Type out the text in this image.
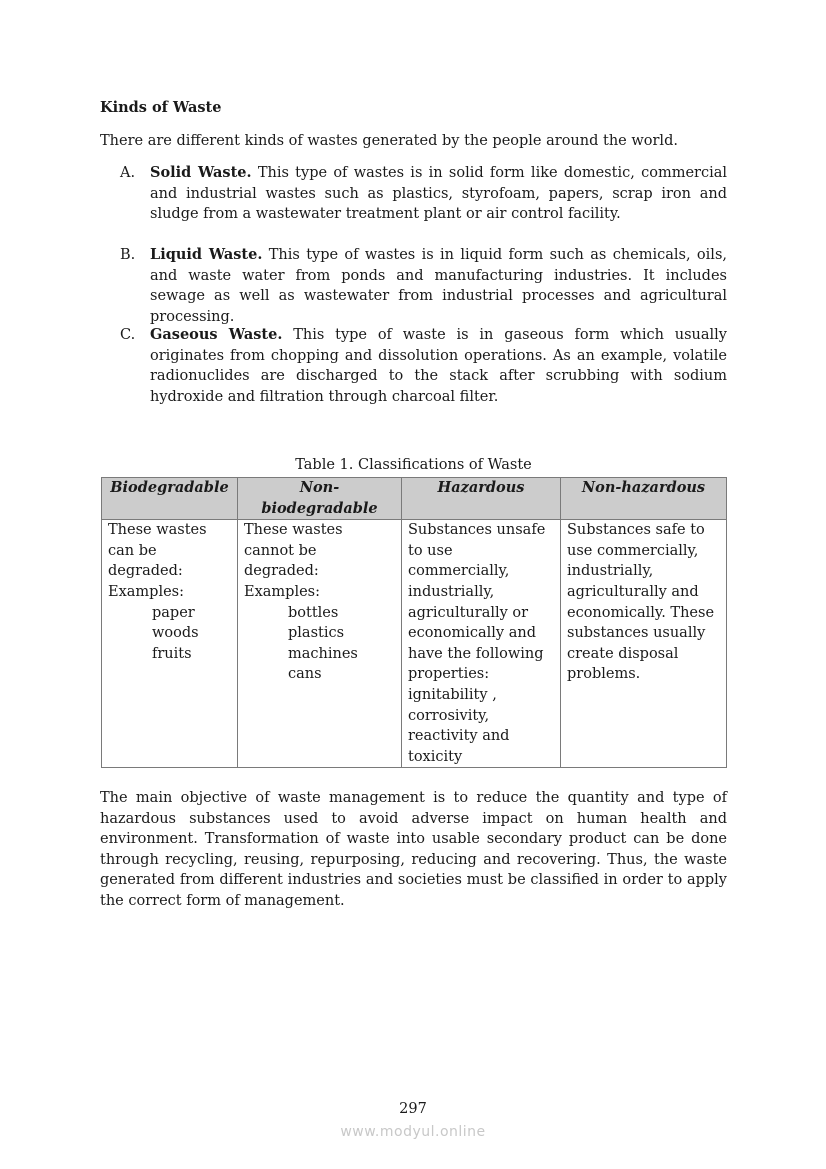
Kinds of Waste
There are different kinds of wastes generated by the people around the world.
A. Solid Waste. This type of wastes is in solid form like domestic, commercial and industrial wastes such as plastics, styrofoam, papers, scrap iron and sludge from a wastewater treatment plant or air control facility.
B. Liquid Waste. This type of wastes is in liquid form such as chemicals, oils, and waste water from ponds and manufacturing industries. It includes sewage as well as wastewater from industrial processes and agricultural processing.
C. Gaseous Waste. This type of waste is in gaseous form which usually originates from chopping and dissolution operations. As an example, volatile radionuclides are discharged to the stack after scrubbing with sodium hydroxide and filtration through charcoal filter.
Table 1. Classifications of Waste
Biodegradable	Non-
biodegradable	Hazardous	Non-hazardous

These wastes
can be
degraded:
Examples:
paper
woods
fruits

These wastes
cannot be
degraded:
Examples:
bottles
plastics
machines
cans

Substances unsafe
to use
commercially,
industrially,
agriculturally or
economically and
have the following
properties:
ignitability ,
corrosivity,
reactivity and
toxicity

Substances safe to
use commercially,
industrially,
agriculturally and
economically. These
substances usually
create disposal
problems.
The main objective of waste management is to reduce the quantity and type of hazardous substances used to avoid adverse impact on human health and environment. Transformation of waste into usable secondary product can be done through recycling, reusing, repurposing, reducing and recovering. Thus, the waste generated from different industries and societies must be classified in order to apply the correct form of management.
297
www.modyul.online
